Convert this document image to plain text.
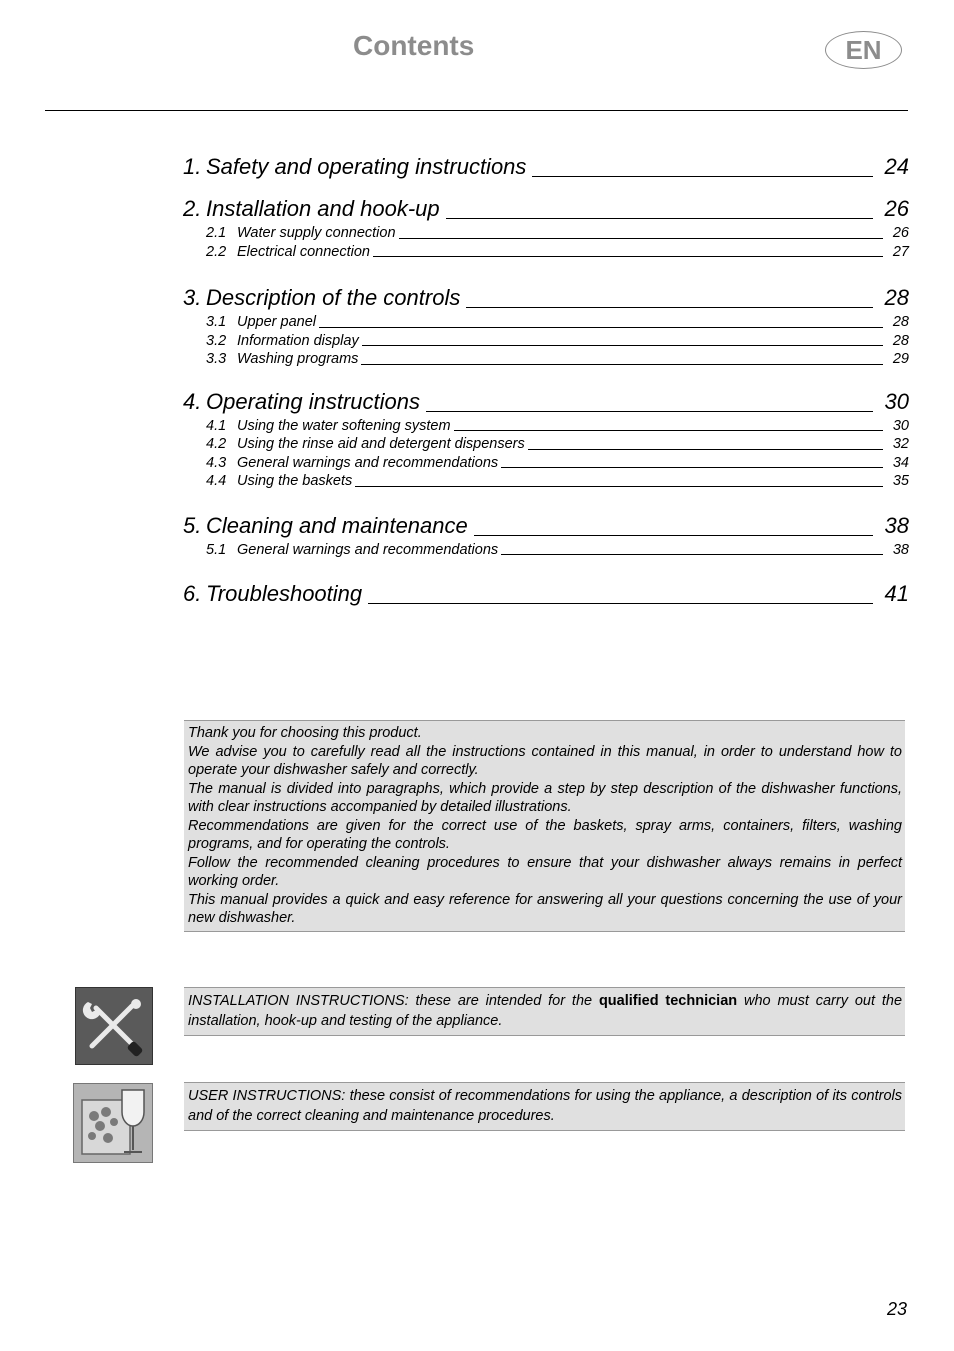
Contents	EN
1. Safety and operating instructions	24
2. Installation and hook-up	26
2.1 Water supply connection	26
2.2 Electrical connection	27
3. Description of the controls	28
3.1 Upper panel	28
3.2 Information display	28
3.3 Washing programs	29
4. Operating instructions	30
4.1 Using the water softening system	30
4.2 Using the rinse aid and detergent dispensers	32
4.3 General warnings and recommendations	34
4.4 Using the baskets	35
5. Cleaning and maintenance	38
5.1 General warnings and recommendations	38
6. Troubleshooting	41

Thank you for choosing this product.

We advise you to carefully read all the instructions contained in this manual, in order to understand how to operate your dishwasher safely and correctly.

The manual is divided into paragraphs, which provide a step by step description of the dishwasher functions, with clear instructions accompanied by detailed illustrations.

Recommendations are given for the correct use of the baskets, spray arms, containers, filters, washing programs, and for operating the controls.

Follow the recommended cleaning procedures to ensure that your dishwasher always remains in perfect working order.

This manual provides a quick and easy reference for answering all your questions concerning the use of your new dishwasher.

INSTALLATION INSTRUCTIONS: these are intended for the qualified technician who must carry out the installation, hook-up and testing of the appliance.

USER INSTRUCTIONS: these consist of recommendations for using the appliance, a description of its controls and of the correct cleaning and maintenance procedures.

23
